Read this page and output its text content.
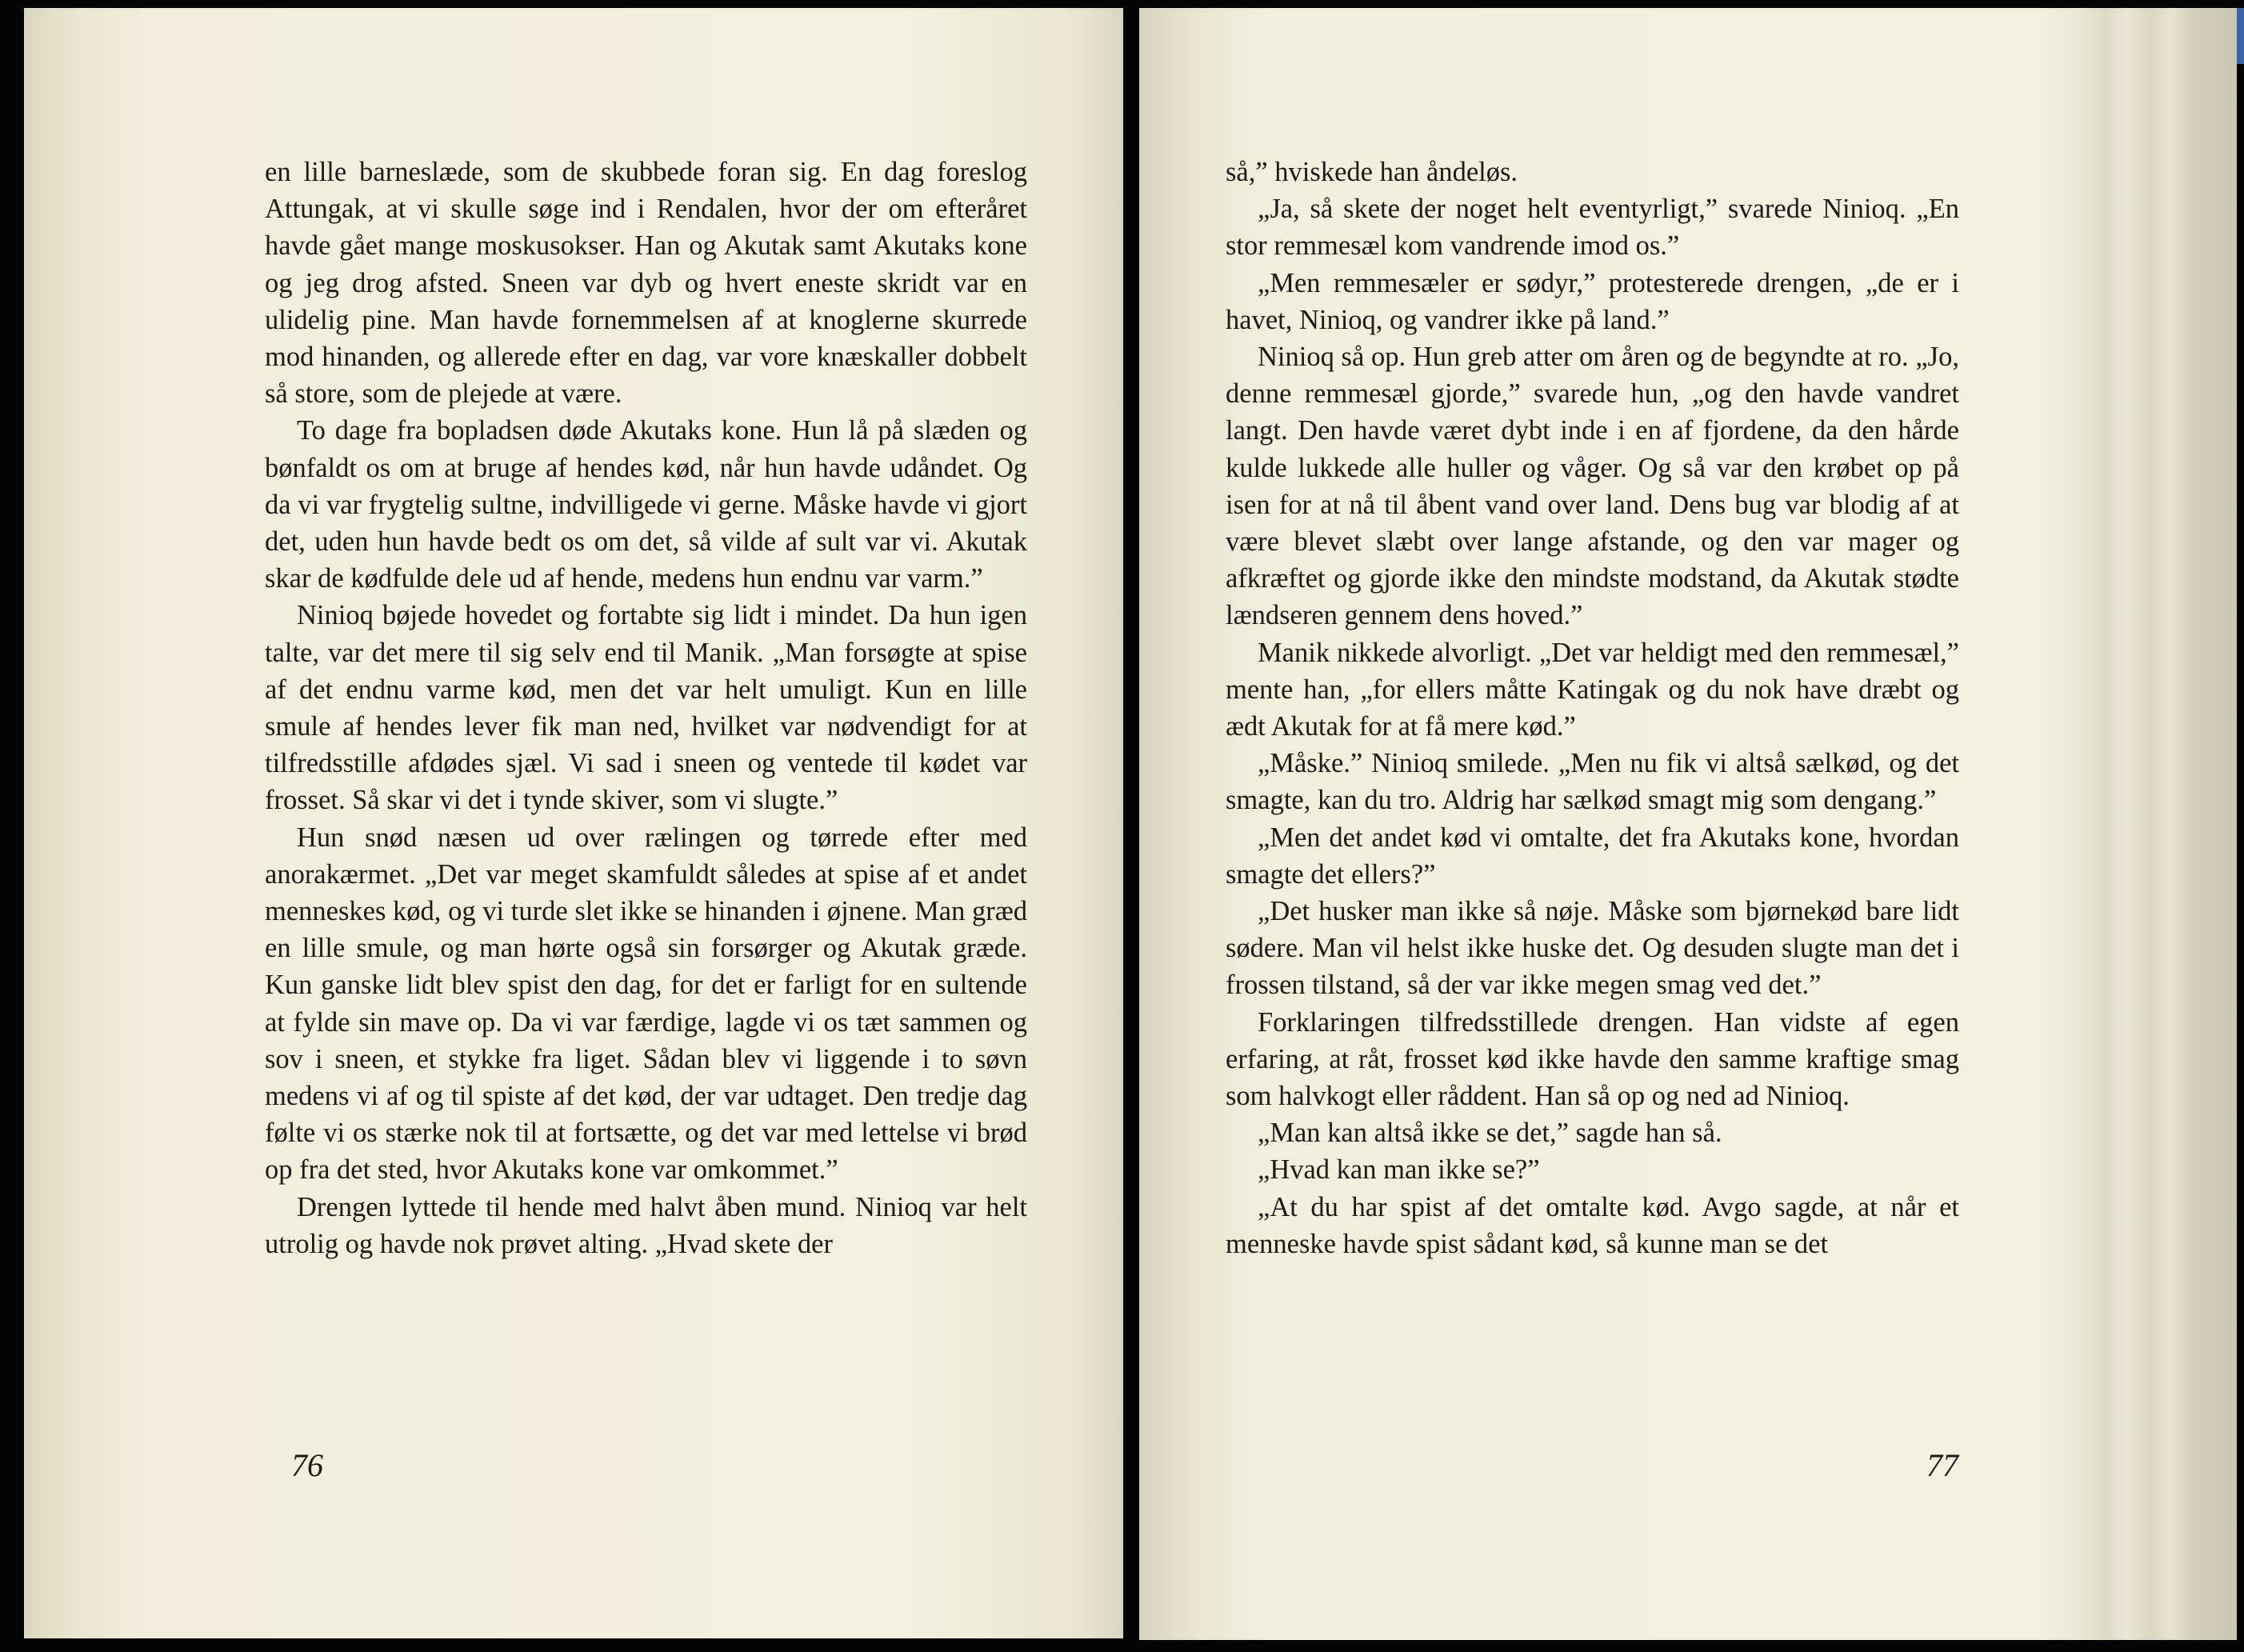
en lille barneslæde, som de skubbede foran sig. En dag foreslog Attungak, at vi skulle søge ind i Rendalen, hvor der om efteråret havde gået mange moskusokser. Han og Akutak samt Akutaks kone og jeg drog afsted. Sneen var dyb og hvert eneste skridt var en ulidelig pine. Man havde fornemmelsen af at knoglerne skurrede mod hinanden, og allerede efter en dag, var vore knæskaller dobbelt så store, som de plejede at være.

To dage fra bopladsen døde Akutaks kone. Hun lå på slæden og bønfaldt os om at bruge af hendes kød, når hun havde udåndet. Og da vi var frygtelig sultne, indvilligede vi gerne. Måske havde vi gjort det, uden hun havde bedt os om det, så vilde af sult var vi. Akutak skar de kødfulde dele ud af hende, medens hun endnu var varm.”

Ninioq bøjede hovedet og fortabte sig lidt i mindet. Da hun igen talte, var det mere til sig selv end til Manik. „Man forsøgte at spise af det endnu varme kød, men det var helt umuligt. Kun en lille smule af hendes lever fik man ned, hvilket var nødvendigt for at tilfredsstille afdødes sjæl. Vi sad i sneen og ventede til kødet var frosset. Så skar vi det i tynde skiver, som vi slugte.”

Hun snød næsen ud over rælingen og tørrede efter med anorakærmet. „Det var meget skamfuldt således at spise af et andet menneskes kød, og vi turde slet ikke se hinanden i øjnene. Man græd en lille smule, og man hørte også sin forsørger og Akutak græde. Kun ganske lidt blev spist den dag, for det er farligt for en sultende at fylde sin mave op. Da vi var færdige, lagde vi os tæt sammen og sov i sneen, et stykke fra liget. Sådan blev vi liggende i to søvn medens vi af og til spiste af det kød, der var udtaget. Den tredje dag følte vi os stærke nok til at fortsætte, og det var med lettelse vi brød op fra det sted, hvor Akutaks kone var omkommet.”

Drengen lyttede til hende med halvt åben mund. Ninioq var helt utrolig og havde nok prøvet alting. „Hvad skete der

76

så,” hviskede han åndeløs.

„Ja, så skete der noget helt eventyrligt,” svarede Ninioq. „En stor remmesæl kom vandrende imod os.”

„Men remmesæler er sødyr,” protesterede drengen, „de er i havet, Ninioq, og vandrer ikke på land.”

Ninioq så op. Hun greb atter om åren og de begyndte at ro. „Jo, denne remmesæl gjorde,” svarede hun, „og den havde vandret langt. Den havde været dybt inde i en af fjordene, da den hårde kulde lukkede alle huller og våger. Og så var den krøbet op på isen for at nå til åbent vand over land. Dens bug var blodig af at være blevet slæbt over lange afstande, og den var mager og afkræftet og gjorde ikke den mindste modstand, da Akutak stødte lændseren gennem dens hoved.”

Manik nikkede alvorligt. „Det var heldigt med den remmesæl,” mente han, „for ellers måtte Katingak og du nok have dræbt og ædt Akutak for at få mere kød.”

„Måske.” Ninioq smilede. „Men nu fik vi altså sælkød, og det smagte, kan du tro. Aldrig har sælkød smagt mig som dengang.”

„Men det andet kød vi omtalte, det fra Akutaks kone, hvordan smagte det ellers?”

„Det husker man ikke så nøje. Måske som bjørnekød bare lidt sødere. Man vil helst ikke huske det. Og desuden slugte man det i frossen tilstand, så der var ikke megen smag ved det.”

Forklaringen tilfredsstillede drengen. Han vidste af egen erfaring, at råt, frosset kød ikke havde den samme kraftige smag som halvkogt eller råddent. Han så op og ned ad Ninioq.

„Man kan altså ikke se det,” sagde han så.

„Hvad kan man ikke se?”

„At du har spist af det omtalte kød. Avgo sagde, at når et menneske havde spist sådant kød, så kunne man se det

77
